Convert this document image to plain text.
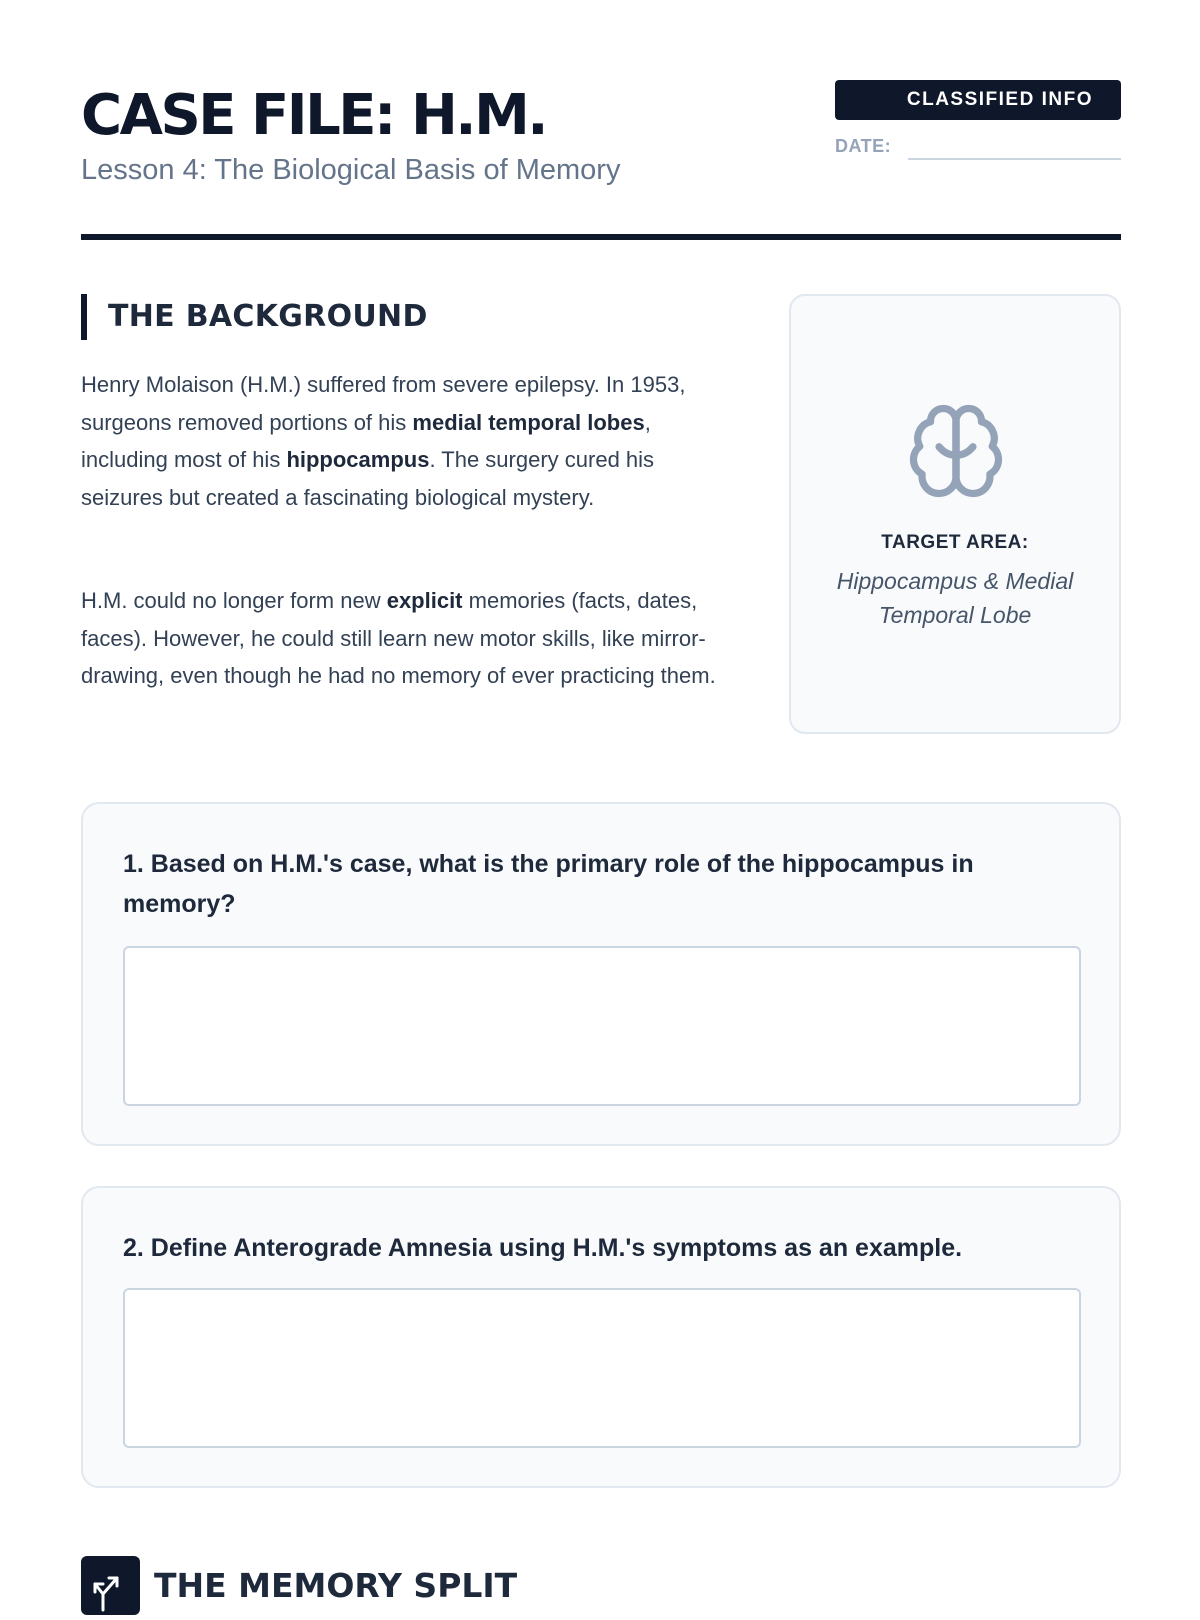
CASE FILE: H.M.
Lesson 4: The Biological Basis of Memory
CLASSIFIED INFO
DATE:
THE BACKGROUND

Henry Molaison (H.M.) suffered from severe epilepsy. In 1953, surgeons removed portions of his medial temporal lobes, including most of his hippocampus. The surgery cured his seizures but created a fascinating biological mystery.

H.M. could no longer form new explicit memories (facts, dates, faces). However, he could still learn new motor skills, like mirror-drawing, even though he had no memory of ever practicing them.

TARGET AREA:
Hippocampus & Medial Temporal Lobe

1. Based on H.M.'s case, what is the primary role of the hippocampus in memory?

2. Define Anterograde Amnesia using H.M.'s symptoms as an example.

THE MEMORY SPLIT
